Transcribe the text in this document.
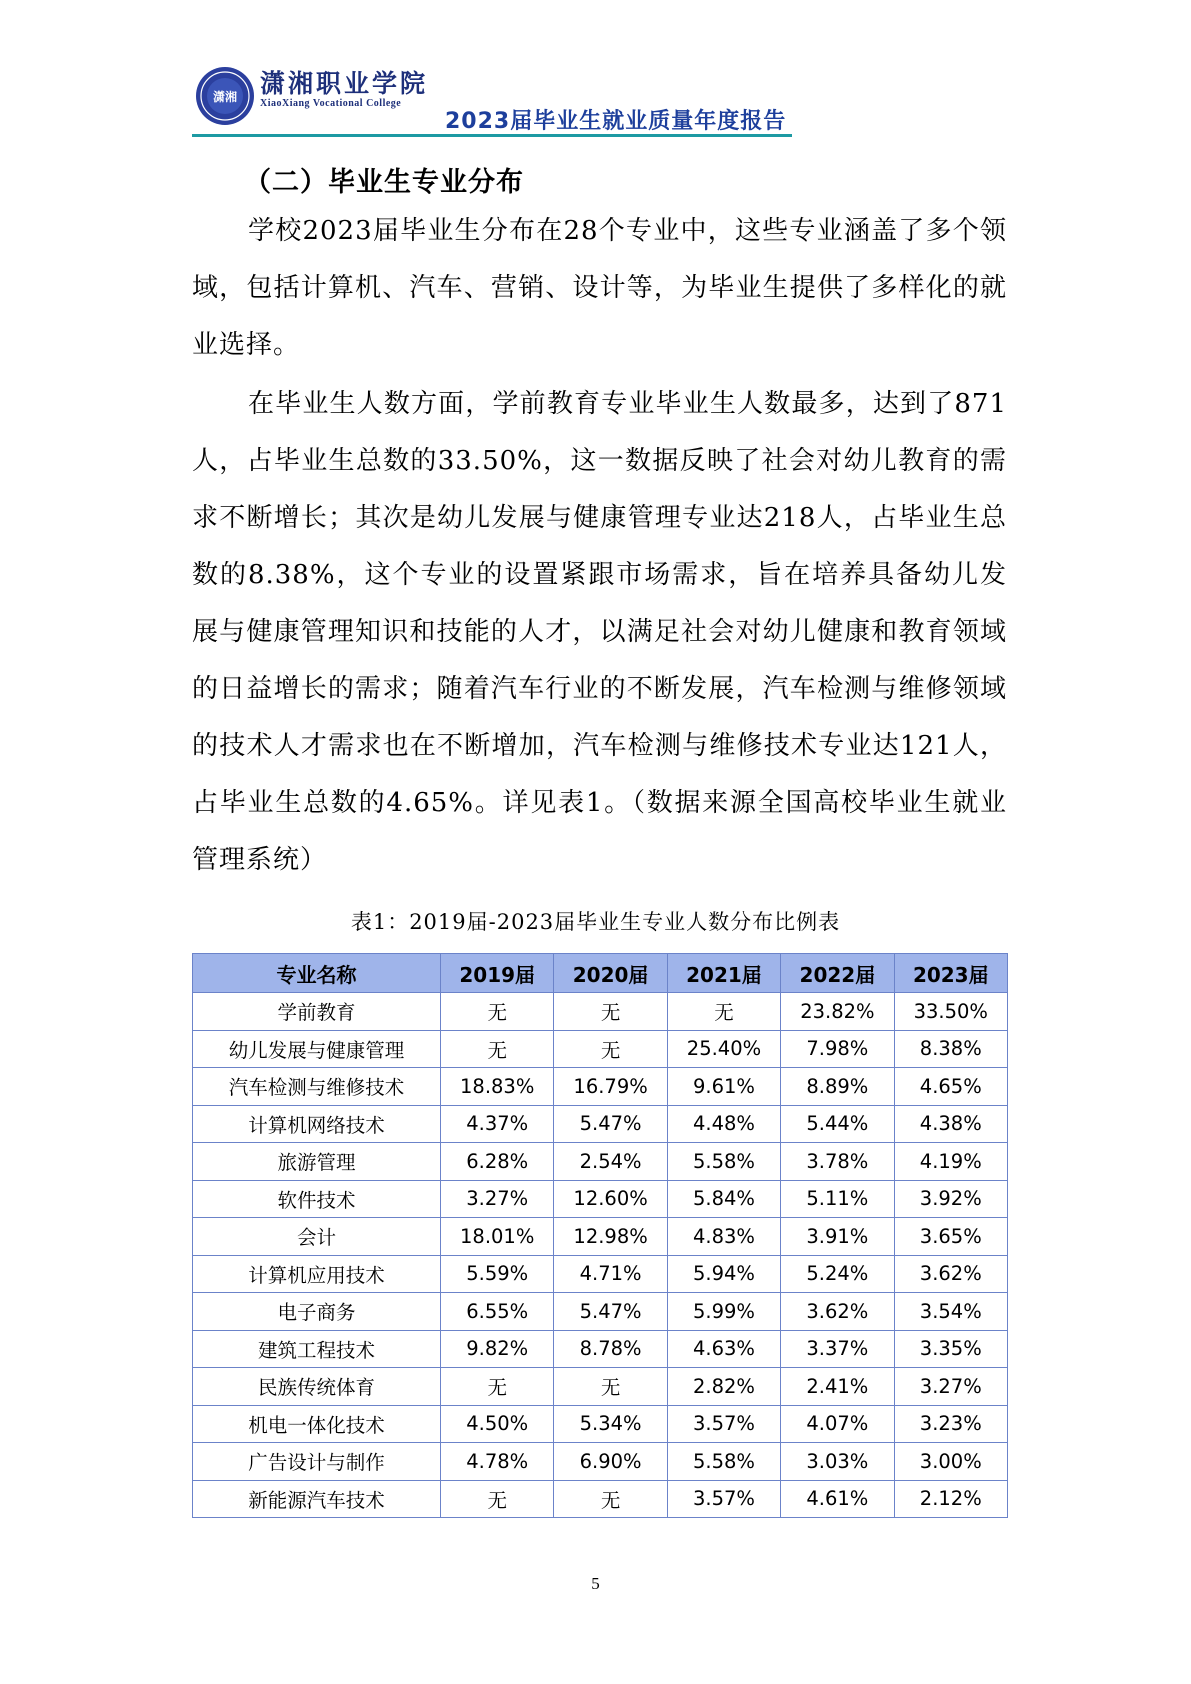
潇湘 潇湘职业学院
XiaoXiang Vocational College
2023届毕业生就业质量年度报告
（二）毕业生专业分布
学校2023届毕业生分布在28个专业中，这些专业涵盖了多个领域，包括计算机、汽车、营销、设计等，为毕业生提供了多样化的就业选择。
在毕业生人数方面，学前教育专业毕业生人数最多，达到了871人，占毕业生总数的33.50%，这一数据反映了社会对幼儿教育的需求不断增长；其次是幼儿发展与健康管理专业达218人，占毕业生总数的8.38%，这个专业的设置紧跟市场需求，旨在培养具备幼儿发展与健康管理知识和技能的人才，以满足社会对幼儿健康和教育领域的日益增长的需求；随着汽车行业的不断发展，汽车检测与维修领域的技术人才需求也在不断增加，汽车检测与维修技术专业达121人，占毕业生总数的4.65%。详见表1。（数据来源全国高校毕业生就业管理系统）
表1：2019届-2023届毕业生专业人数分布比例表
专业名称	2019届	2020届	2021届	2022届	2023届
学前教育	无	无	无	23.82%	33.50%
幼儿发展与健康管理	无	无	25.40%	7.98%	8.38%
汽车检测与维修技术	18.83%	16.79%	9.61%	8.89%	4.65%
计算机网络技术	4.37%	5.47%	4.48%	5.44%	4.38%
旅游管理	6.28%	2.54%	5.58%	3.78%	4.19%
软件技术	3.27%	12.60%	5.84%	5.11%	3.92%
会计	18.01%	12.98%	4.83%	3.91%	3.65%
计算机应用技术	5.59%	4.71%	5.94%	5.24%	3.62%
电子商务	6.55%	5.47%	5.99%	3.62%	3.54%
建筑工程技术	9.82%	8.78%	4.63%	3.37%	3.35%
民族传统体育	无	无	2.82%	2.41%	3.27%
机电一体化技术	4.50%	5.34%	3.57%	4.07%	3.23%
广告设计与制作	4.78%	6.90%	5.58%	3.03%	3.00%
新能源汽车技术	无	无	3.57%	4.61%	2.12%
5
